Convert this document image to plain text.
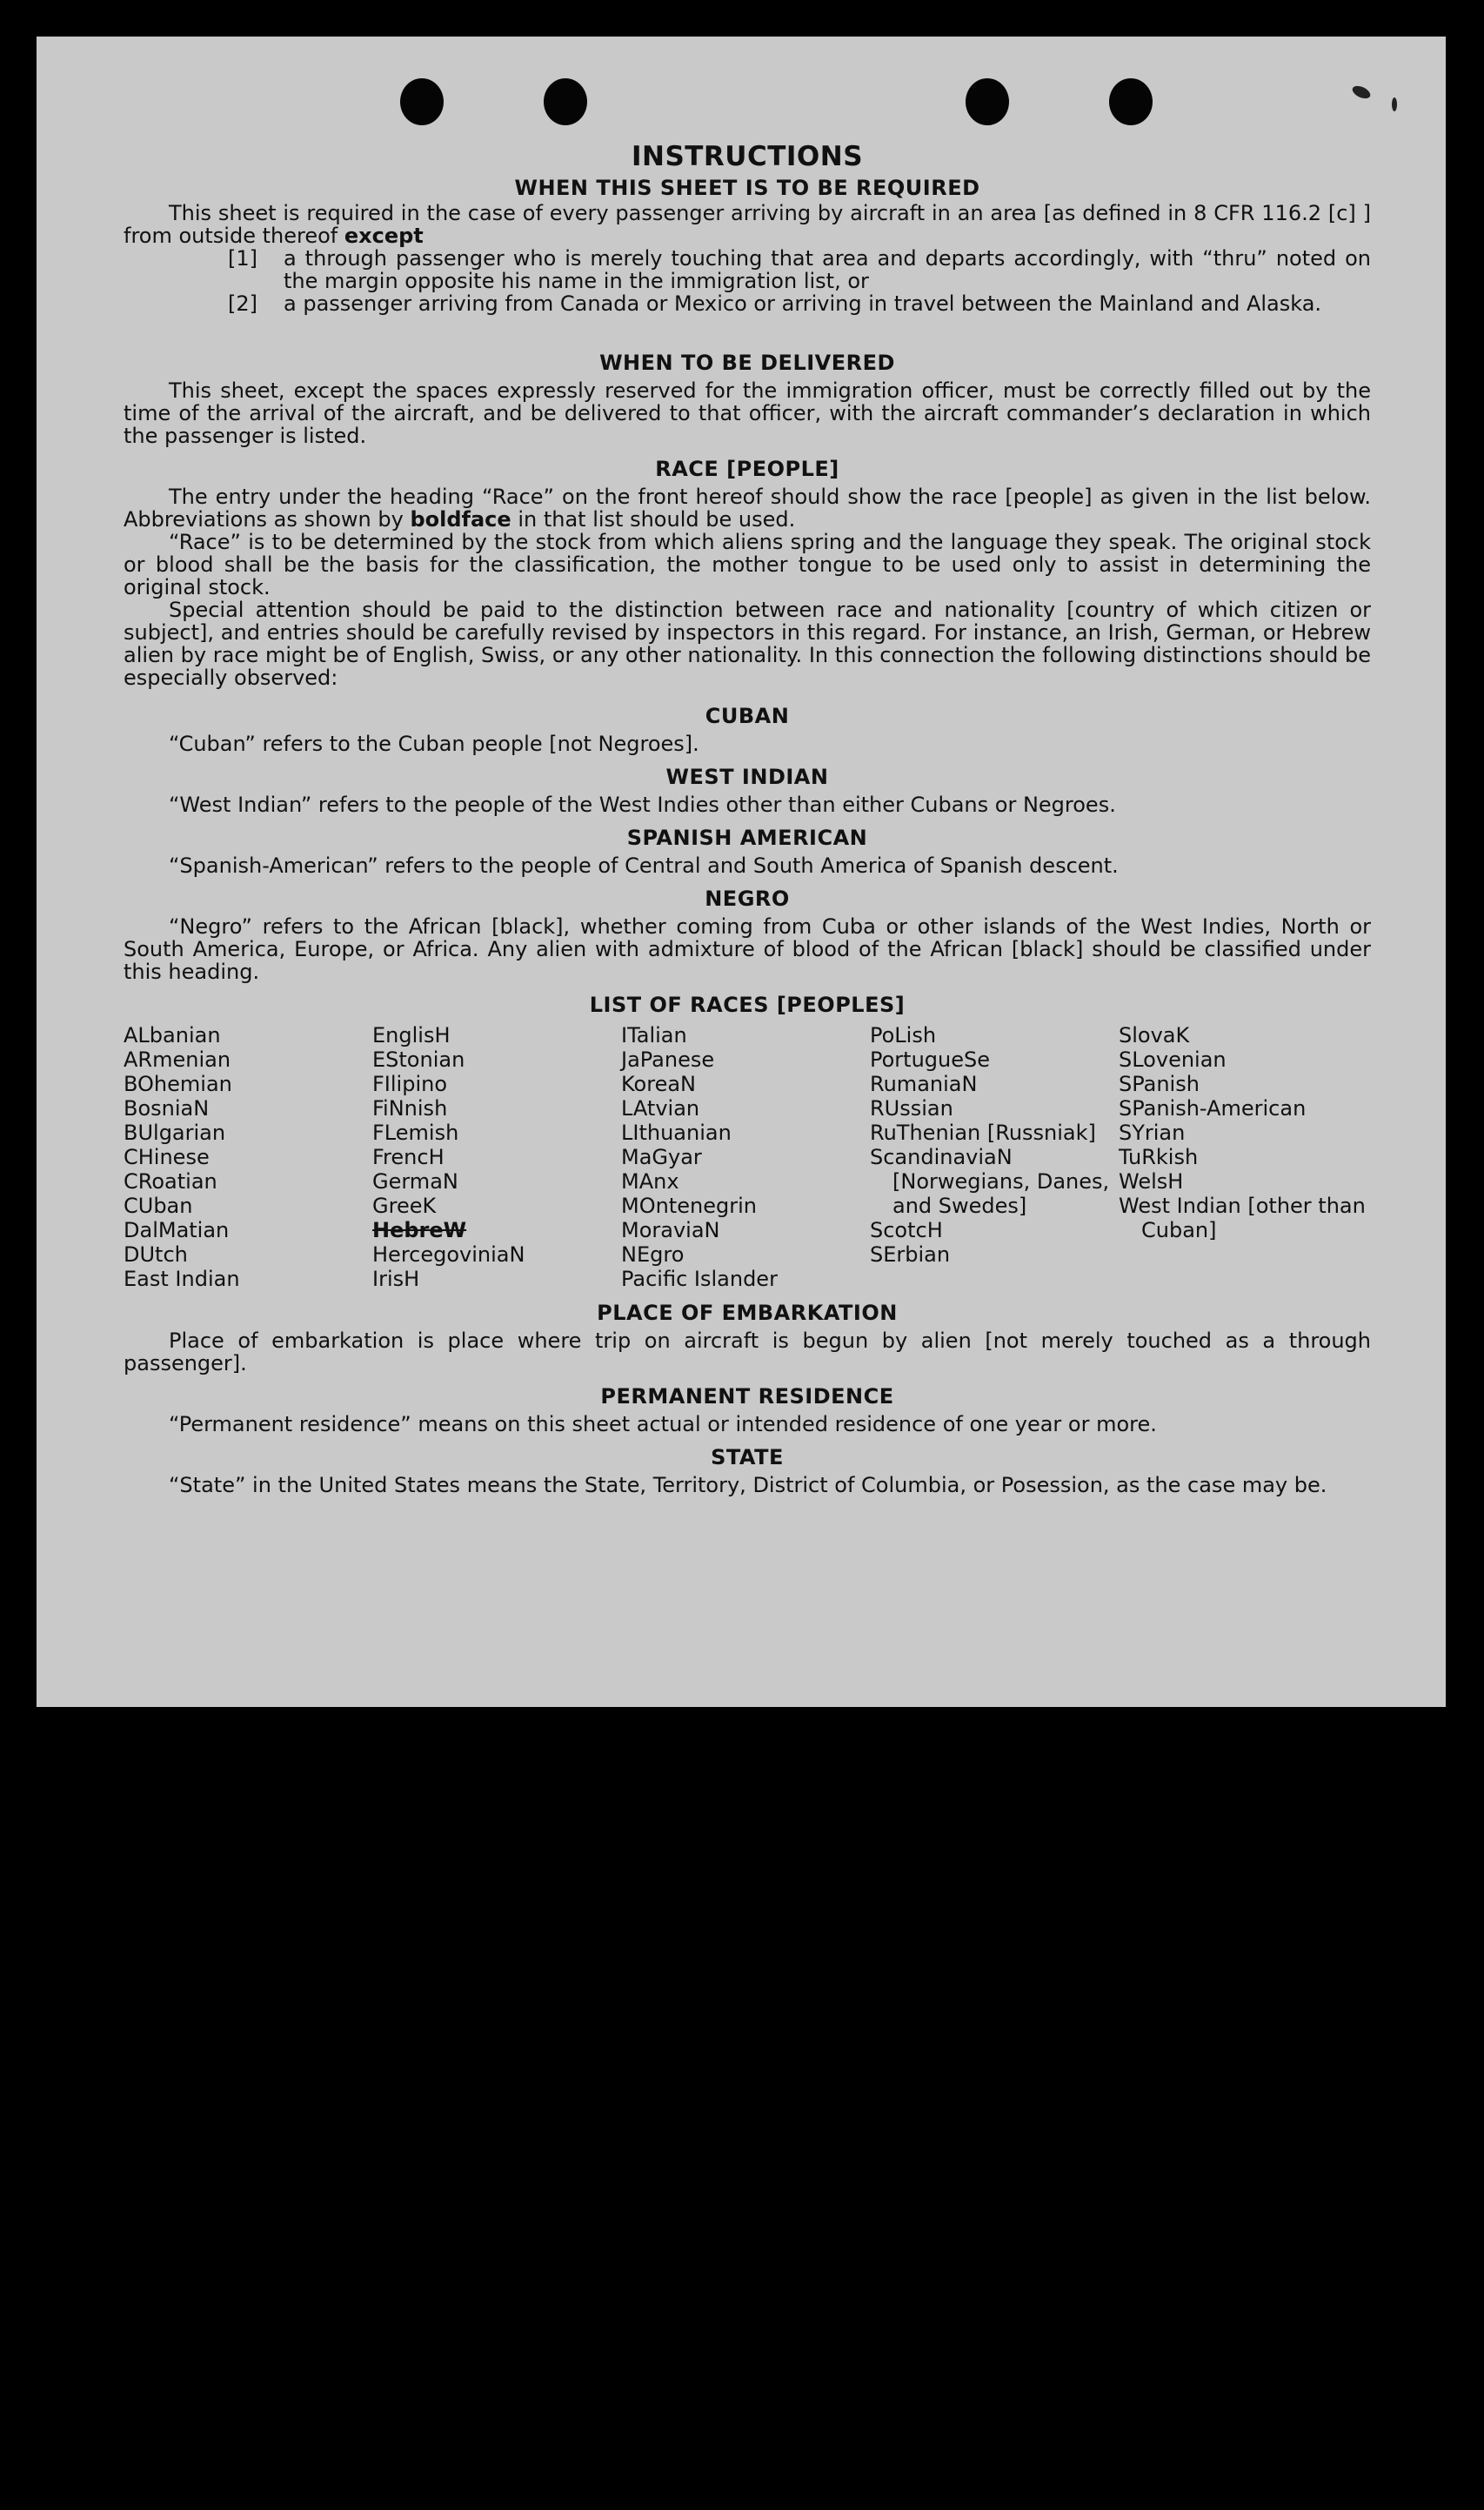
INSTRUCTIONS
WHEN THIS SHEET IS TO BE REQUIRED

This sheet is required in the case of every passenger arriving by aircraft in an area [as defined in 8 CFR 116.2 [c] ] from outside thereof except

[1] a through passenger who is merely touching that area and departs accordingly, with “thru” noted on the margin opposite his name in the immigration list, or
[2] a passenger arriving from Canada or Mexico or arriving in travel between the Mainland and Alaska.
WHEN TO BE DELIVERED

This sheet, except the spaces expressly reserved for the immigration officer, must be correctly filled out by the time of the arrival of the aircraft, and be delivered to that officer, with the aircraft commander’s declaration in which the passenger is listed.

RACE [PEOPLE]

The entry under the heading “Race” on the front hereof should show the race [people] as given in the list below. Abbreviations as shown by boldface in that list should be used.

“Race” is to be determined by the stock from which aliens spring and the language they speak. The original stock or blood shall be the basis for the classification, the mother tongue to be used only to assist in determining the original stock.

Special attention should be paid to the distinction between race and nationality [country of which citizen or subject], and entries should be carefully revised by inspectors in this regard. For instance, an Irish, German, or Hebrew alien by race might be of English, Swiss, or any other nationality. In this connection the following distinctions should be especially observed:

CUBAN

“Cuban” refers to the Cuban people [not Negroes].

WEST INDIAN

“West Indian” refers to the people of the West Indies other than either Cubans or Negroes.

SPANISH AMERICAN

“Spanish-American” refers to the people of Central and South America of Spanish descent.

NEGRO

“Negro” refers to the African [black], whether coming from Cuba or other islands of the West Indies, North or South America, Europe, or Africa. Any alien with admixture of blood of the African [black] should be classified under this heading.

LIST OF RACES [PEOPLES]
ALbanian
ARmenian
BOhemian
BosniaN
BUlgarian
CHinese
CRoatian
CUban
DalMatian
DUtch
East Indian
EnglisH
EStonian
FIlipino
FiNnish
FLemish
FrencH
GermaN
GreeK
HebreW
HercegoviniaN
IrisH
ITalian
JaPanese
KoreaN
LAtvian
LIthuanian
MaGyar
MAnx
MOntenegrin
MoraviaN
NEgro
Pacific Islander
PoLish
PortugueSe
RumaniaN
RUssian
RuThenian [Russniak]
ScandinaviaN [Norwegians, Danes, and Swedes]
ScotcH
SErbian
SlovaK
SLovenian
SPanish
SPanish-American
SYrian
TuRkish
WelsH
West Indian [other than Cuban]
PLACE OF EMBARKATION

Place of embarkation is place where trip on aircraft is begun by alien [not merely touched as a through passenger].

PERMANENT RESIDENCE

“Permanent residence” means on this sheet actual or intended residence of one year or more.

STATE

“State” in the United States means the State, Territory, District of Columbia, or Posession, as the case may be.
